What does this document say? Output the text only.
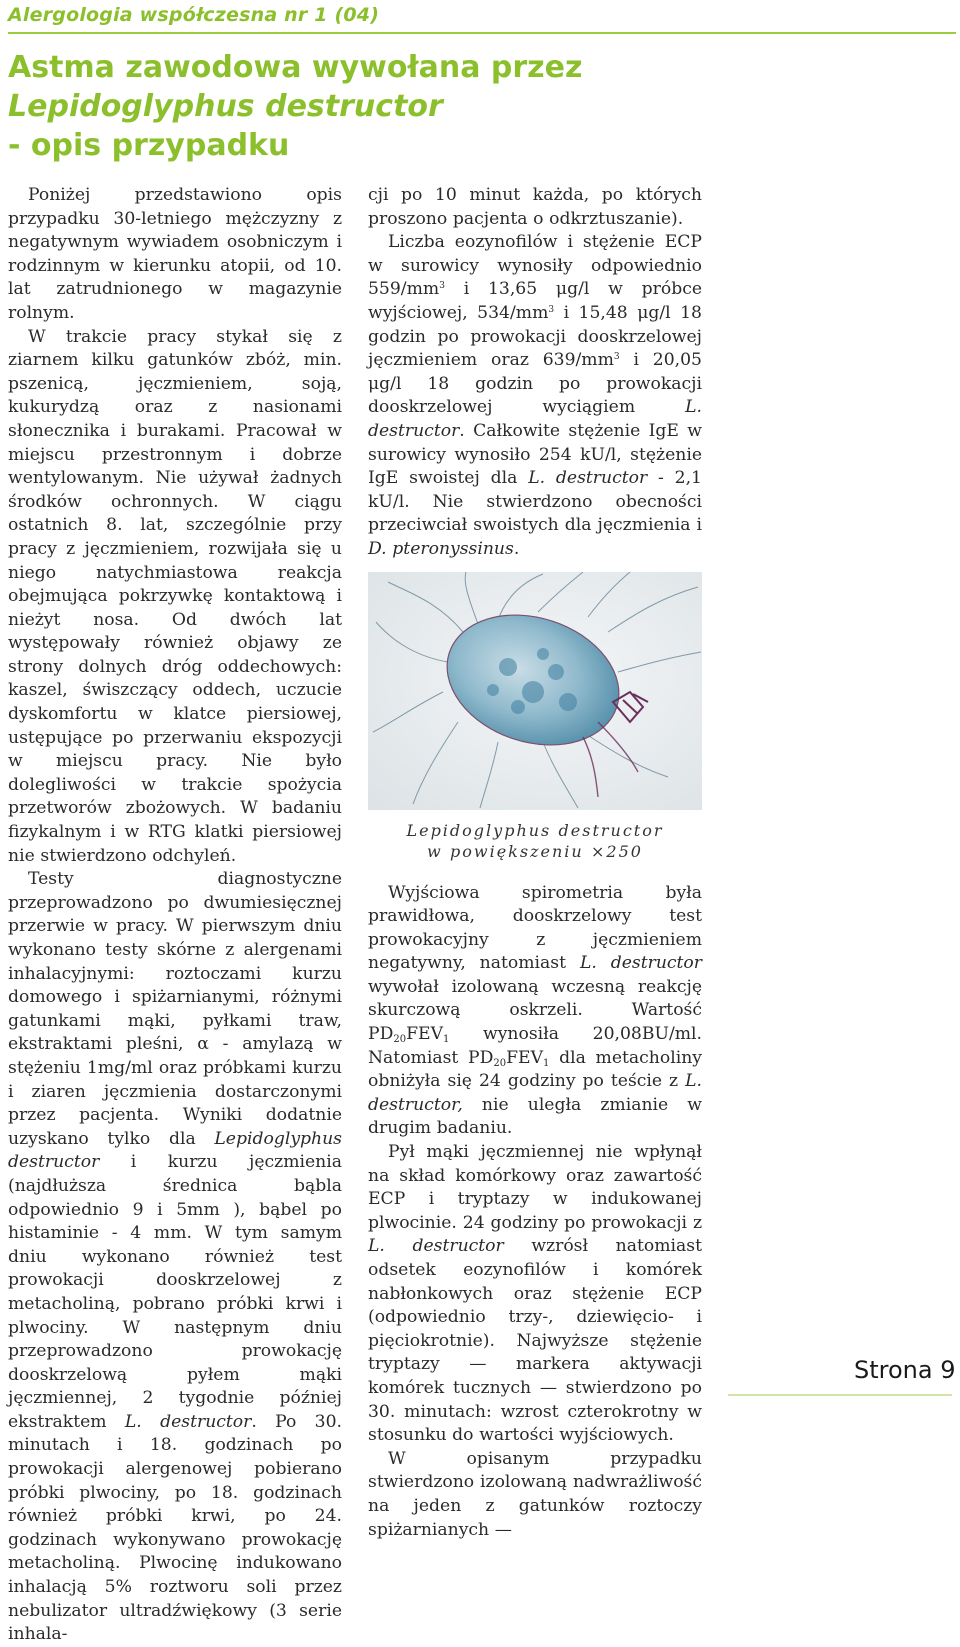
Alergologia współczesna nr 1 (04)
Astma zawodowa wywołana przez
Lepidoglyphus destructor
- opis przypadku

Poniżej przedstawiono opis przypadku 30-letniego mężczyzny z negatywnym wywiadem osobniczym i rodzinnym w kierunku atopii, od 10. lat zatrudnionego w magazynie rolnym.

W trakcie pracy stykał się z ziarnem kilku gatunków zbóż, min. pszenicą, jęczmieniem, soją, kukurydzą oraz z nasionami słonecznika i burakami. Pracował w miejscu przestronnym i dobrze wentylowanym. Nie używał żadnych środków ochronnych. W ciągu ostatnich 8. lat, szczególnie przy pracy z jęczmieniem, rozwijała się u niego natychmiastowa reakcja obejmująca pokrzywkę kontaktową i nieżyt nosa. Od dwóch lat występowały również objawy ze strony dolnych dróg oddechowych: kaszel, świszczący oddech, uczucie dyskomfortu w klatce piersiowej, ustępujące po przerwaniu ekspozycji w miejscu pracy. Nie było dolegliwości w trakcie spożycia przetworów zbożowych. W badaniu fizykalnym i w RTG klatki piersiowej nie stwierdzono odchyleń.

Testy diagnostyczne przeprowadzono po dwumiesięcznej przerwie w pracy. W pierwszym dniu wykonano testy skórne z alergenami inhalacyjnymi: roztoczami kurzu domowego i spiżarnianymi, różnymi gatunkami mąki, pyłkami traw, ekstraktami pleśni, α - amylazą w stężeniu 1mg/ml oraz próbkami kurzu i ziaren jęczmienia dostarczonymi przez pacjenta. Wyniki dodatnie uzyskano tylko dla Lepidoglyphus destructor i kurzu jęczmienia (najdłuższa średnica bąbla odpowiednio 9 i 5mm ), bąbel po histaminie - 4 mm. W tym samym dniu wykonano również test prowokacji dooskrzelowej z metacholiną, pobrano próbki krwi i plwociny. W następnym dniu przeprowadzono prowokację dooskrzelową pyłem mąki jęczmiennej, 2 tygodnie później ekstraktem L. destructor. Po 30. minutach i 18. godzinach po prowokacji alergenowej pobierano próbki plwociny, po 18. godzinach również próbki krwi, po 24. godzinach wykonywano prowokację metacholiną. Plwocinę indukowano inhalacją 5% roztworu soli przez nebulizator ultradźwiękowy (3 serie inhala-

cji po 10 minut każda, po których proszono pacjenta o odkrztuszanie).

Liczba eozynofilów i stężenie ECP w surowicy wynosiły odpowiednio $559/mm^3$ i 13,65 μg/l w próbce wyjściowej, $534/mm^3$ i 15,48 μg/l 18 godzin po prowokacji dooskrzelowej jęczmieniem oraz $639/mm^3$ i 20,05 μg/l 18 godzin po prowokacji dooskrzelowej wyciągiem L. destructor. Całkowite stężenie IgE w surowicy wynosiło 254 kU/l, stężenie IgE swoistej dla L. destructor - 2,1 kU/l. Nie stwierdzono obecności przeciwciał swoistych dla jęczmienia i D. pteronyssinus.

Lepidoglyphus destructor
w powiększeniu ×250

Wyjściowa spirometria była prawidłowa, dooskrzelowy test prowokacyjny z jęczmieniem negatywny, natomiast L. destructor wywołał izolowaną wczesną reakcję skurczową oskrzeli. Wartość $PD_{20}FEV_1$ wynosiła 20,08BU/ml. Natomiast $PD_{20}FEV_1$ dla metacholiny obniżyła się 24 godziny po teście z L. destructor, nie uległa zmianie w drugim badaniu.

Pył mąki jęczmiennej nie wpłynął na skład komórkowy oraz zawartość ECP i tryptazy w indukowanej plwocinie. 24 godziny po prowokacji z L. destructor wzrósł natomiast odsetek eozynofilów i komórek nabłonkowych oraz stężenie ECP (odpowiednio trzy-, dziewięcio- i pięciokrotnie). Najwyższe stężenie tryptazy — markera aktywacji komórek tucznych — stwierdzono po 30. minutach: wzrost czterokrotny w stosunku do wartości wyjściowych.

W opisanym przypadku stwierdzono izolowaną nadwrażliwość na jeden z gatunków roztoczy spiżarnianych —

Strona 9
